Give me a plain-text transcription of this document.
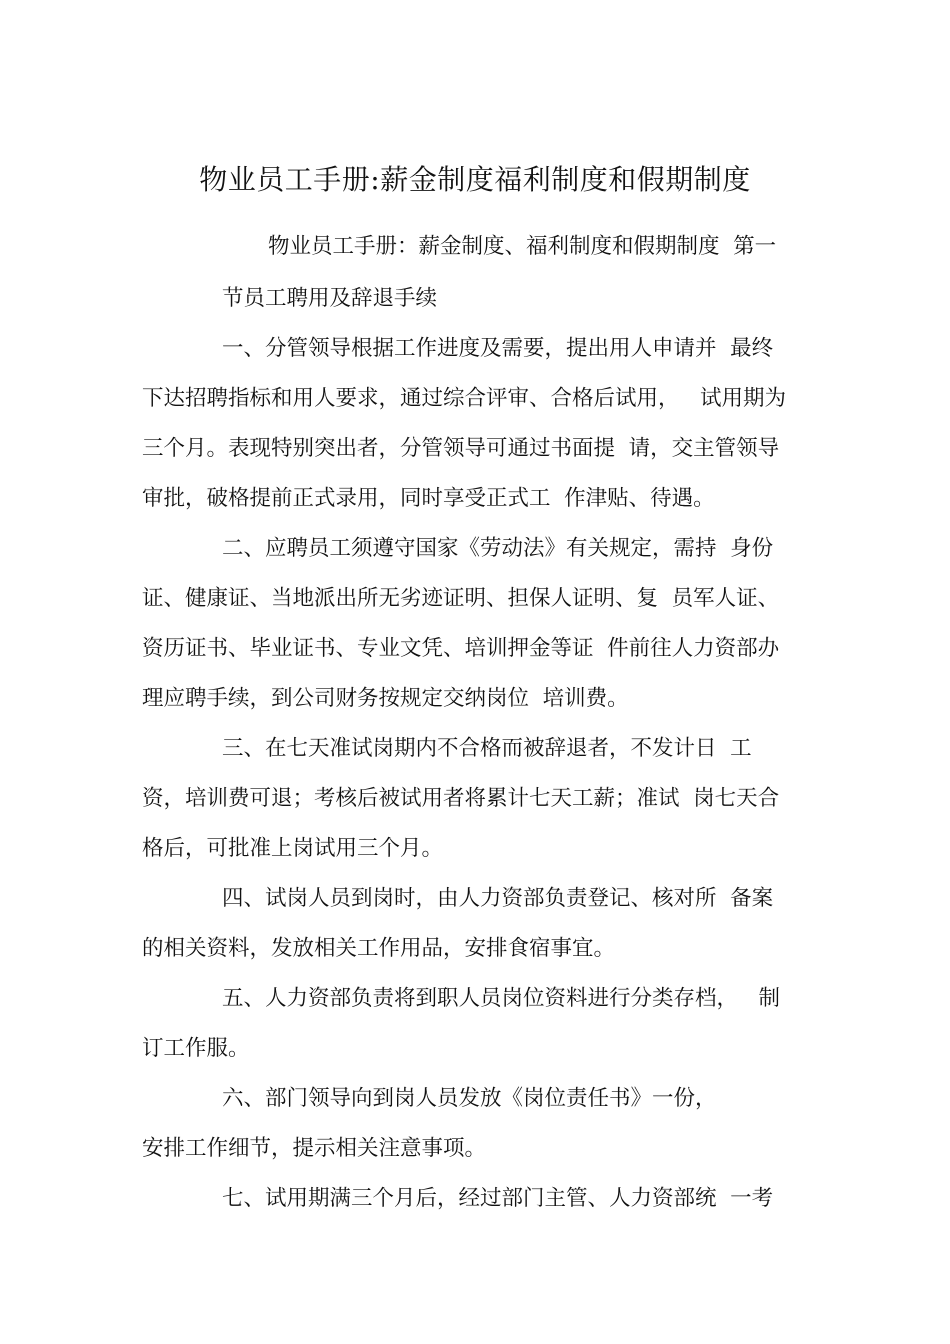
物业员工手册:薪金制度福利制度和假期制度
物业员工手册：薪金制度、福利制度和假期制度  第一
节员工聘用及辞退手续
一、分管领导根据工作进度及需要，提出用人申请并  最终
下达招聘指标和用人要求，通过综合评审、合格后试用，   试用期为
三个月。表现特别突出者，分管领导可通过书面提  请，交主管领导
审批，破格提前正式录用，同时享受正式工  作津贴、待遇。
二、应聘员工须遵守国家《劳动法》有关规定，需持  身份
证、健康证、当地派出所无劣迹证明、担保人证明、复  员军人证、
资历证书、毕业证书、专业文凭、培训押金等证  件前往人力资部办
理应聘手续，到公司财务按规定交纳岗位  培训费。
三、在七天准试岗期内不合格而被辞退者，不发计日  工
资，培训费可退；考核后被试用者将累计七天工薪；准试  岗七天合
格后，可批准上岗试用三个月。
四、试岗人员到岗时，由人力资部负责登记、核对所  备案
的相关资料，发放相关工作用品，安排食宿事宜。
五、人力资部负责将到职人员岗位资料进行分类存档，   制
订工作服。
六、部门领导向到岗人员发放《岗位责任书》一份，
安排工作细节，提示相关注意事项。
七、试用期满三个月后，经过部门主管、人力资部统  一考
